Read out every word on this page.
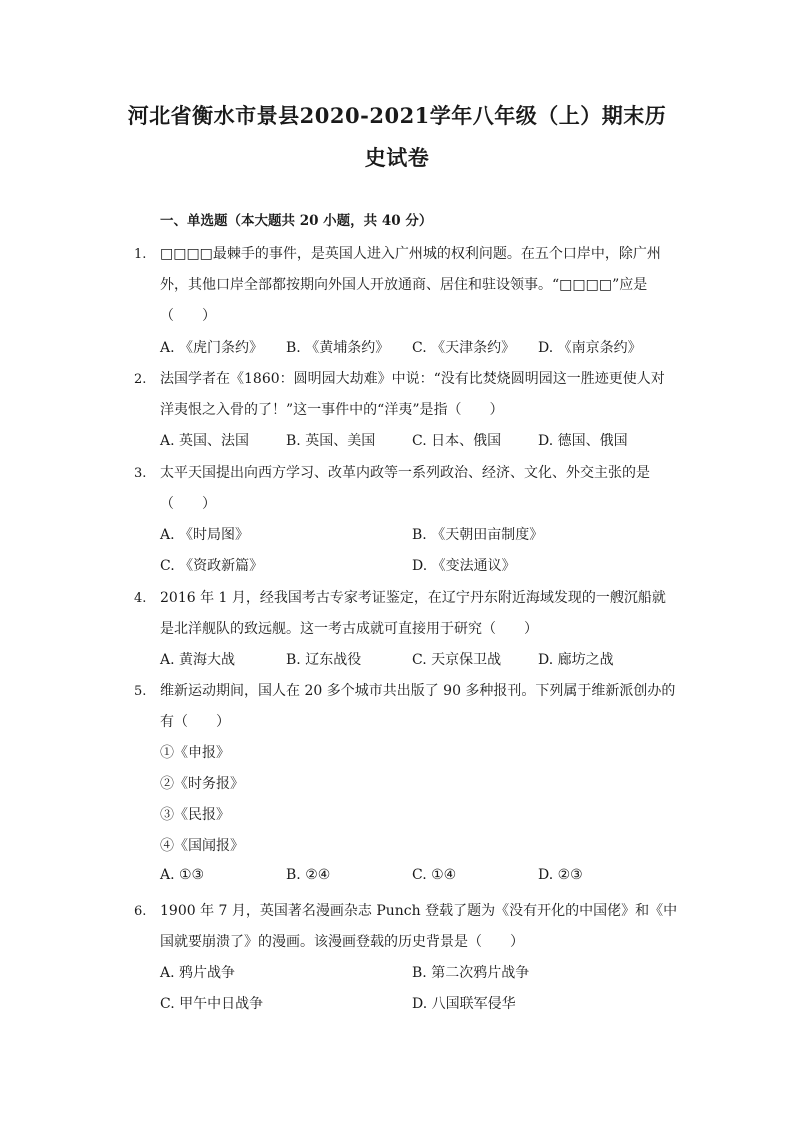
河北省衡水市景县2020-2021学年八年级（上）期末历
史试卷
一、单选题（本大题共 20 小题，共 40 分）
1. □□□□最棘手的事件，是英国人进入广州城的权利问题。在五个口岸中，除广州
外，其他口岸全部都按期向外国人开放通商、居住和驻设领事。“□□□□”应是
（　　）
A. 《虎门条约》 B. 《黄埔条约》 C. 《天津条约》 D. 《南京条约》
2. 法国学者在《1860：圆明园大劫难》中说：“没有比焚烧圆明园这一胜迹更使人对
洋夷恨之入骨的了！”这一事件中的“洋夷”是指（　　）
A. 英国、法国	B. 英国、美国	C. 日本、俄国	D. 德国、俄国
3. 太平天国提出向西方学习、改革内政等一系列政治、经济、文化、外交主张的是
（　　）
A. 《时局图》	B. 《天朝田亩制度》
C. 《资政新篇》	D. 《变法通议》
4. 2016 年 1 月，经我国考古专家考证鉴定，在辽宁丹东附近海域发现的一艘沉船就
是北洋舰队的致远舰。这一考古成就可直接用于研究（　　）
A. 黄海大战	B. 辽东战役	C. 天京保卫战	D. 廊坊之战
5. 维新运动期间，国人在 20 多个城市共出版了 90 多种报刊。下列属于维新派创办的
有（　　）
①《申报》
②《时务报》
③《民报》
④《国闻报》
A. ①③	B. ②④	C. ①④	D. ②③
6. 1900 年 7 月，英国著名漫画杂志 Punch 登载了题为《没有开化的中国佬》和《中
国就要崩溃了》的漫画。该漫画登载的历史背景是（　　）
A. 鸦片战争	B. 第二次鸦片战争
C. 甲午中日战争	D. 八国联军侵华
